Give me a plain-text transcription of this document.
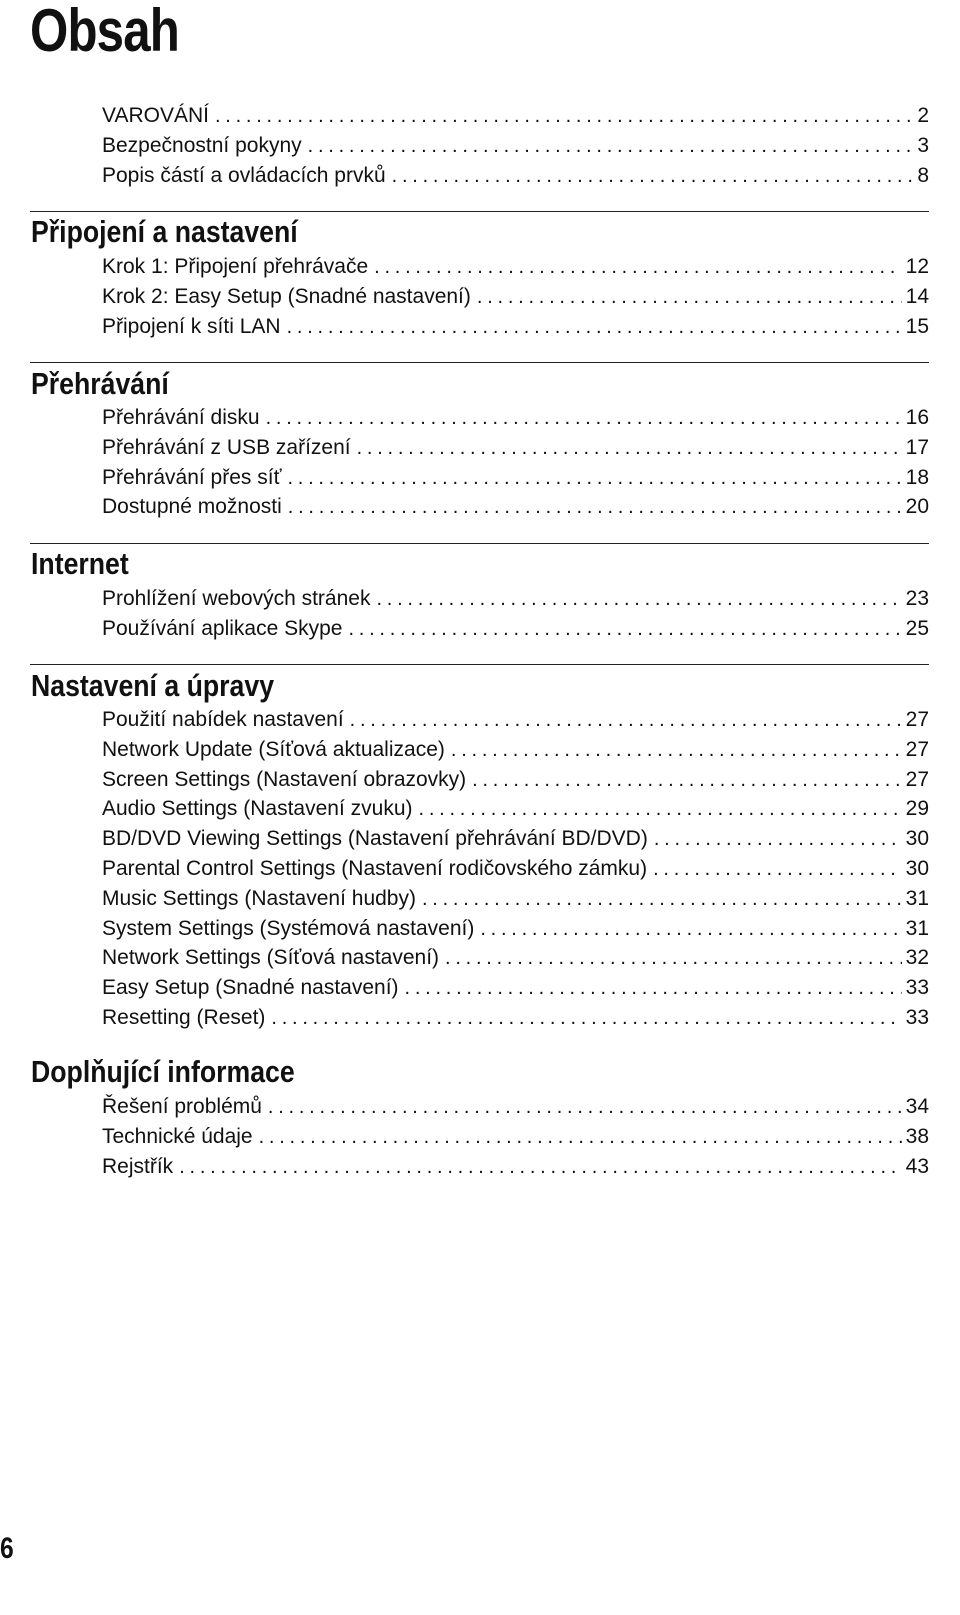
Obsah
VAROVÁNÍ . . .	2
Bezpečnostní pokyny . . .	3
Popis částí a ovládacích prvků . . .	8
Připojení a nastavení
Krok 1: Připojení přehrávače . . .	12
Krok 2: Easy Setup (Snadné nastavení) . . .	14
Připojení k síti LAN . . .	15
Přehrávání
Přehrávání disku . . .	16
Přehrávání z USB zařízení . . .	17
Přehrávání přes síť . . .	18
Dostupné možnosti . . .	20
Internet
Prohlížení webových stránek . . .	23
Používání aplikace Skype . . .	25
Nastavení a úpravy
Použití nabídek nastavení . . .	27
Network Update (Síťová aktualizace) . . .	27
Screen Settings (Nastavení obrazovky) . . .	27
Audio Settings (Nastavení zvuku) . . .	29
BD/DVD Viewing Settings (Nastavení přehrávání BD/DVD) . . .	30
Parental Control Settings (Nastavení rodičovského zámku) . . .	30
Music Settings (Nastavení hudby) . . .	31
System Settings (Systémová nastavení) . . .	31
Network Settings (Síťová nastavení) . . .	32
Easy Setup (Snadné nastavení) . . .	33
Resetting (Reset) . . .	33
Doplňující informace
Řešení problémů . . .	34
Technické údaje . . .	38
Rejstřík . . .	43
6
